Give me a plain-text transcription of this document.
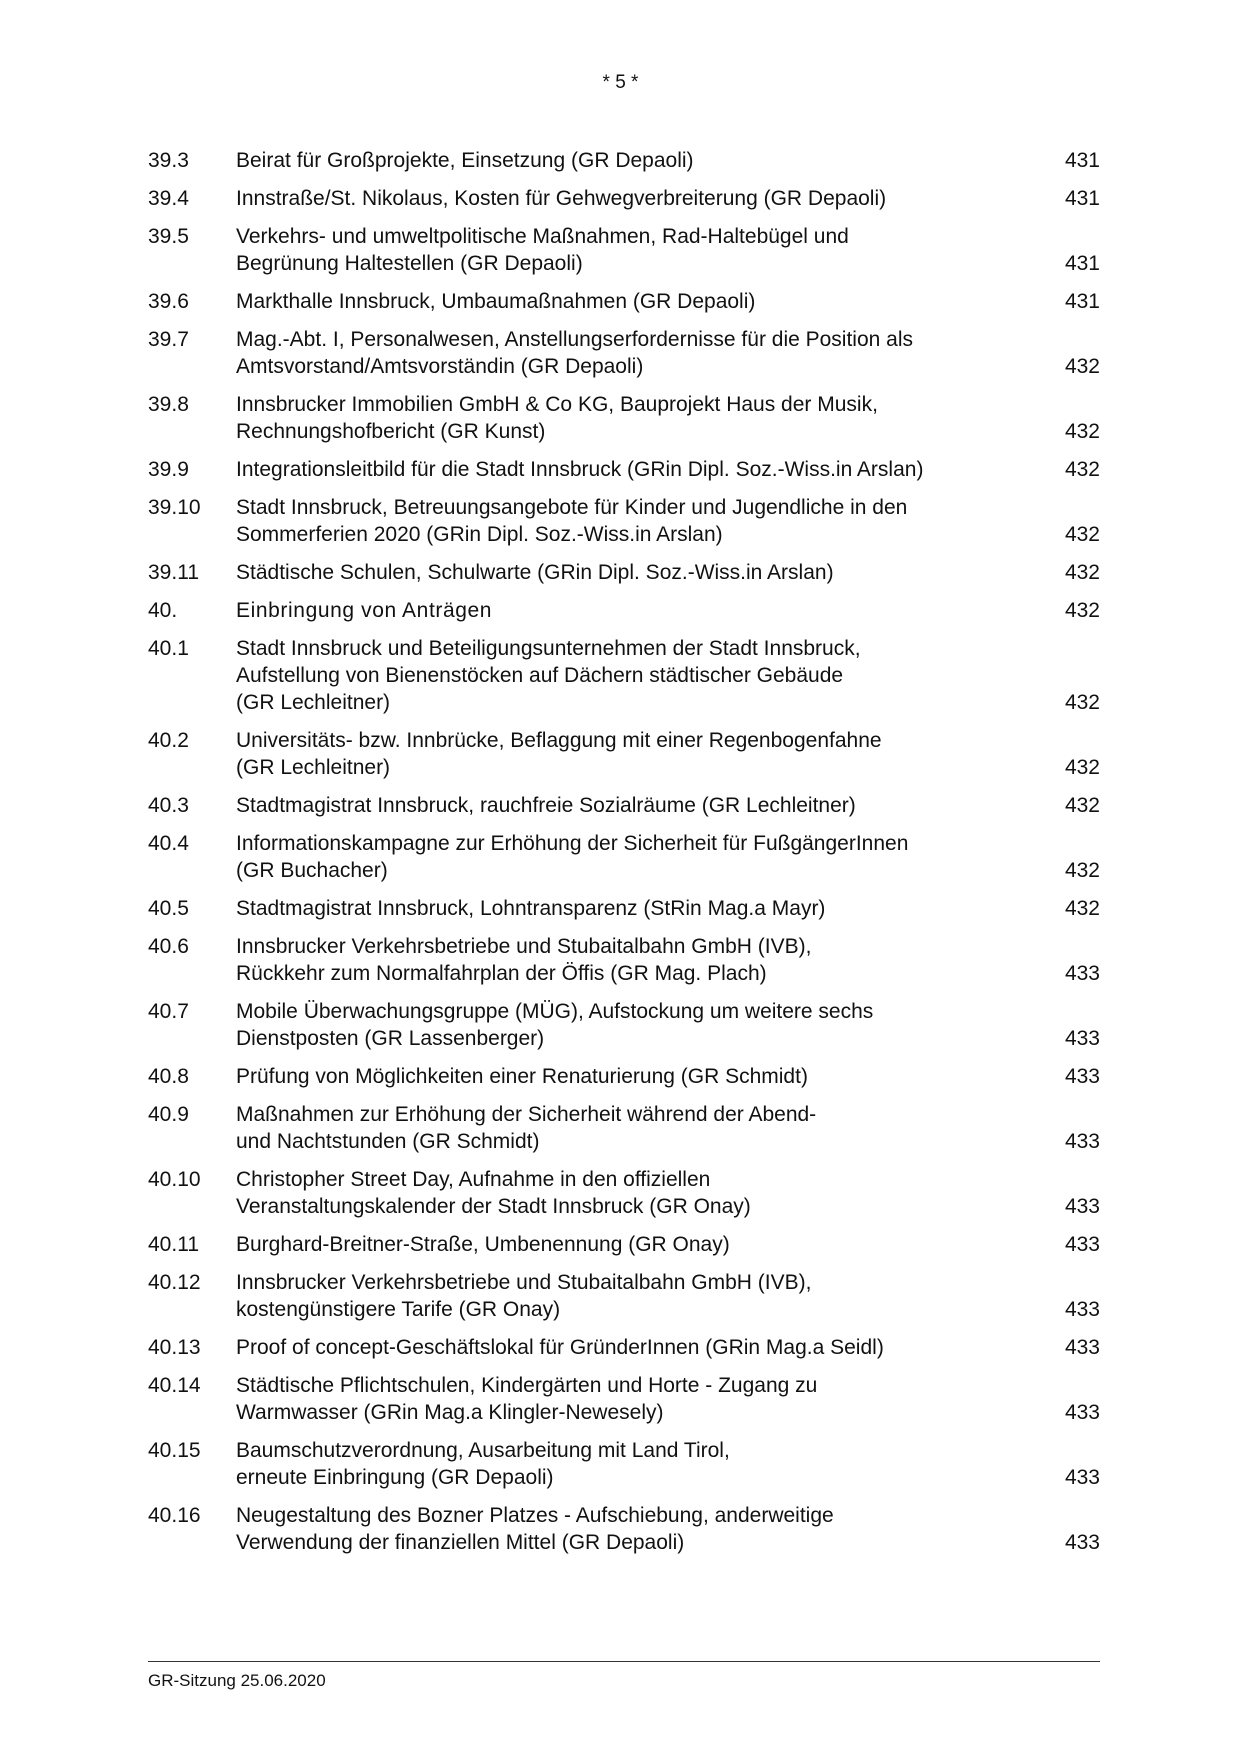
* 5 *
39.3 Beirat für Großprojekte, Einsetzung (GR Depaoli)	431
39.4 Innstraße/St. Nikolaus, Kosten für Gehwegverbreiterung (GR Depaoli)	431
39.5 Verkehrs- und umweltpolitische Maßnahmen, Rad-Haltebügel und
Begrünung Haltestellen (GR Depaoli)	431
39.6 Markthalle Innsbruck, Umbaumaßnahmen (GR Depaoli)	431
39.7 Mag.-Abt. I, Personalwesen, Anstellungserfordernisse für die Position als
Amtsvorstand/Amtsvorständin (GR Depaoli)	432
39.8 Innsbrucker Immobilien GmbH & Co KG, Bauprojekt Haus der Musik,
Rechnungshofbericht (GR Kunst)	432
39.9 Integrationsleitbild für die Stadt Innsbruck (GRin Dipl. Soz.-Wiss.in Arslan)	432
39.10 Stadt Innsbruck, Betreuungsangebote für Kinder und Jugendliche in den
Sommerferien 2020 (GRin Dipl. Soz.-Wiss.in Arslan)	432
39.11 Städtische Schulen, Schulwarte (GRin Dipl. Soz.-Wiss.in Arslan)	432
40.	Einbringung von Anträgen	432
40.1 Stadt Innsbruck und Beteiligungsunternehmen der Stadt Innsbruck,
Aufstellung von Bienenstöcken auf Dächern städtischer Gebäude
(GR Lechleitner)	432
40.2 Universitäts- bzw. Innbrücke, Beflaggung mit einer Regenbogenfahne
(GR Lechleitner)	432
40.3 Stadtmagistrat Innsbruck, rauchfreie Sozialräume (GR Lechleitner)	432
40.4 Informationskampagne zur Erhöhung der Sicherheit für FußgängerInnen
(GR Buchacher)	432
40.5 Stadtmagistrat Innsbruck, Lohntransparenz (StRin Mag.a Mayr)	432
40.6 Innsbrucker Verkehrsbetriebe und Stubaitalbahn GmbH (IVB),
Rückkehr zum Normalfahrplan der Öffis (GR Mag. Plach)	433
40.7 Mobile Überwachungsgruppe (MÜG), Aufstockung um weitere sechs
Dienstposten (GR Lassenberger)	433
40.8 Prüfung von Möglichkeiten einer Renaturierung (GR Schmidt)	433
40.9 Maßnahmen zur Erhöhung der Sicherheit während der Abend-
und Nachtstunden (GR Schmidt)	433
40.10 Christopher Street Day, Aufnahme in den offiziellen
Veranstaltungskalender der Stadt Innsbruck (GR Onay)	433
40.11 Burghard-Breitner-Straße, Umbenennung (GR Onay)	433
40.12 Innsbrucker Verkehrsbetriebe und Stubaitalbahn GmbH (IVB),
kostengünstigere Tarife (GR Onay)	433
40.13 Proof of concept-Geschäftslokal für GründerInnen (GRin Mag.a Seidl)	433
40.14 Städtische Pflichtschulen, Kindergärten und Horte - Zugang zu
Warmwasser (GRin Mag.a Klingler-Newesely)	433
40.15 Baumschutzverordnung, Ausarbeitung mit Land Tirol,
erneute Einbringung (GR Depaoli)	433
40.16 Neugestaltung des Bozner Platzes - Aufschiebung, anderweitige
Verwendung der finanziellen Mittel (GR Depaoli)	433
GR-Sitzung 25.06.2020
